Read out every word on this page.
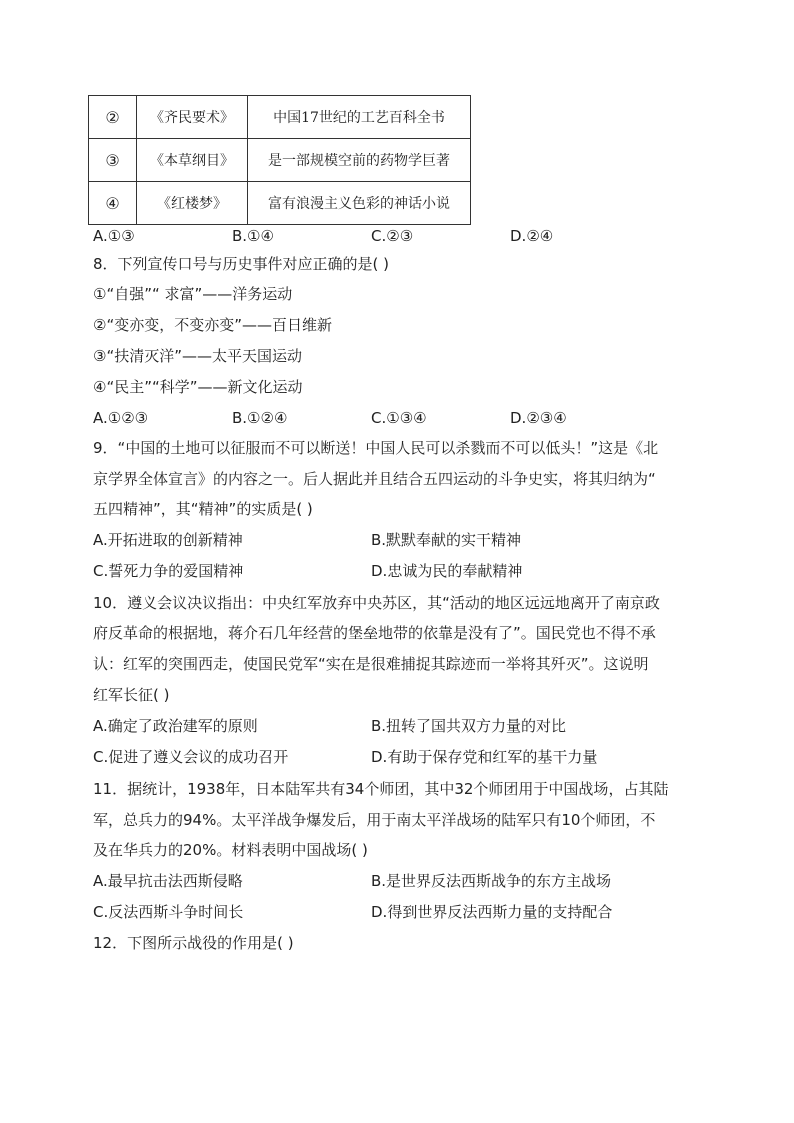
②	《齐民要术》	中国17世纪的工艺百科全书
③	《本草纲目》	是一部规模空前的药物学巨著
④	《红楼梦》	富有浪漫主义色彩的神话小说
A.①③	B.①④	C.②③	D.②④
8．下列宣传口号与历史事件对应正确的是( )
①“自强”“ 求富”——洋务运动
②“变亦变，不变亦变”——百日维新
③“扶清灭洋”——太平天国运动
④“民主”“科学”——新文化运动
A.①②③	B.①②④	C.①③④	D.②③④
9．“中国的土地可以征服而不可以断送！中国人民可以杀戮而不可以低头！”这是《北
京学界全体宣言》的内容之一。后人据此并且结合五四运动的斗争史实，将其归纳为“
五四精神”，其“精神”的实质是( )
A.开拓进取的创新精神	B.默默奉献的实干精神
C.誓死力争的爱国精神	D.忠诚为民的奉献精神
10．遵义会议决议指出：中央红军放弃中央苏区，其“活动的地区远远地离开了南京政
府反革命的根据地，蒋介石几年经营的堡垒地带的依靠是没有了”。国民党也不得不承
认：红军的突围西走，使国民党军“实在是很难捕捉其踪迹而一举将其歼灭”。这说明
红军长征( )
A.确定了政治建军的原则	B.扭转了国共双方力量的对比
C.促进了遵义会议的成功召开	D.有助于保存党和红军的基干力量
11．据统计，1938年，日本陆军共有34个师团，其中32个师团用于中国战场，占其陆
军，总兵力的94%。太平洋战争爆发后，用于南太平洋战场的陆军只有10个师团，不
及在华兵力的20%。材料表明中国战场( )
A.最早抗击法西斯侵略	B.是世界反法西斯战争的东方主战场
C.反法西斯斗争时间长	D.得到世界反法西斯力量的支持配合
12．下图所示战役的作用是( )
